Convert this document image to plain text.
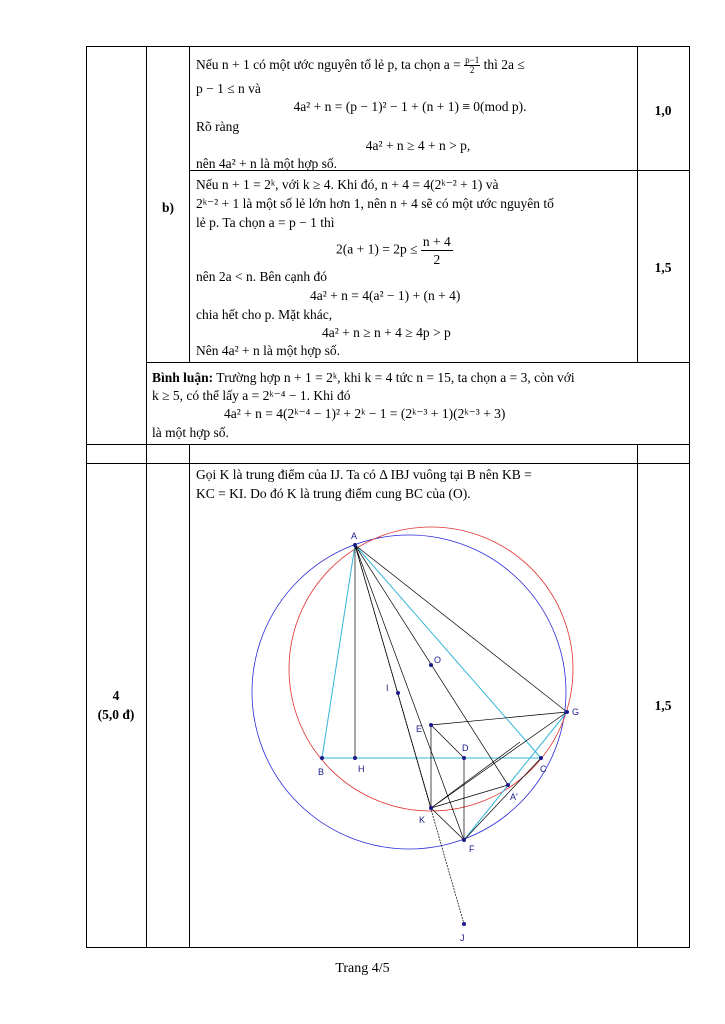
b)
Nếu n + 1 có một ước nguyên tố lẻ p, ta chọn $a = \frac{p-1}{2}$ thì 2a ≤
p − 1 ≤ n và
4a² + n = (p − 1)² − 1 + (n + 1) ≡ 0(mod p).
Rõ ràng
4a² + n ≥ 4 + n > p,
nên 4a² + n là một hợp số.
1,0
Nếu n + 1 = 2ᵏ, với k ≥ 4. Khi đó, n + 4 = 4(2ᵏ⁻² + 1) và
2ᵏ⁻² + 1 là một số lẻ lớn hơn 1, nên n + 4 sẽ có một ước nguyên tố
lẻ p. Ta chọn a = p − 1 thì
$2(a + 1) = 2p \le \frac{n + 4}{2}$
nên 2a < n. Bên cạnh đó
4a² + n = 4(a² − 1) + (n + 4)
chia hết cho p. Mặt khác,
4a² + n ≥ n + 4 ≥ 4p > p
Nên 4a² + n là một hợp số.
1,5
Bình luận: Trường hợp n + 1 = 2ᵏ, khi k = 4 tức n = 15, ta chọn a = 3, còn với
k ≥ 5, có thể lấy a = 2ᵏ⁻⁴ − 1. Khi đó
4a² + n = 4(2ᵏ⁻⁴ − 1)² + 2ᵏ − 1 = (2ᵏ⁻³ + 1)(2ᵏ⁻³ + 3)
là một hợp số.
4
(5,0 đ)
Gọi K là trung điểm của IJ. Ta có Δ IBJ vuông tại B nên KB =
KC = KI. Do đó K là trung điểm cung BC của (O).
1,5
A
O
I
E
D
G
B	H	C
A'
K
F
J
Trang 4/5
